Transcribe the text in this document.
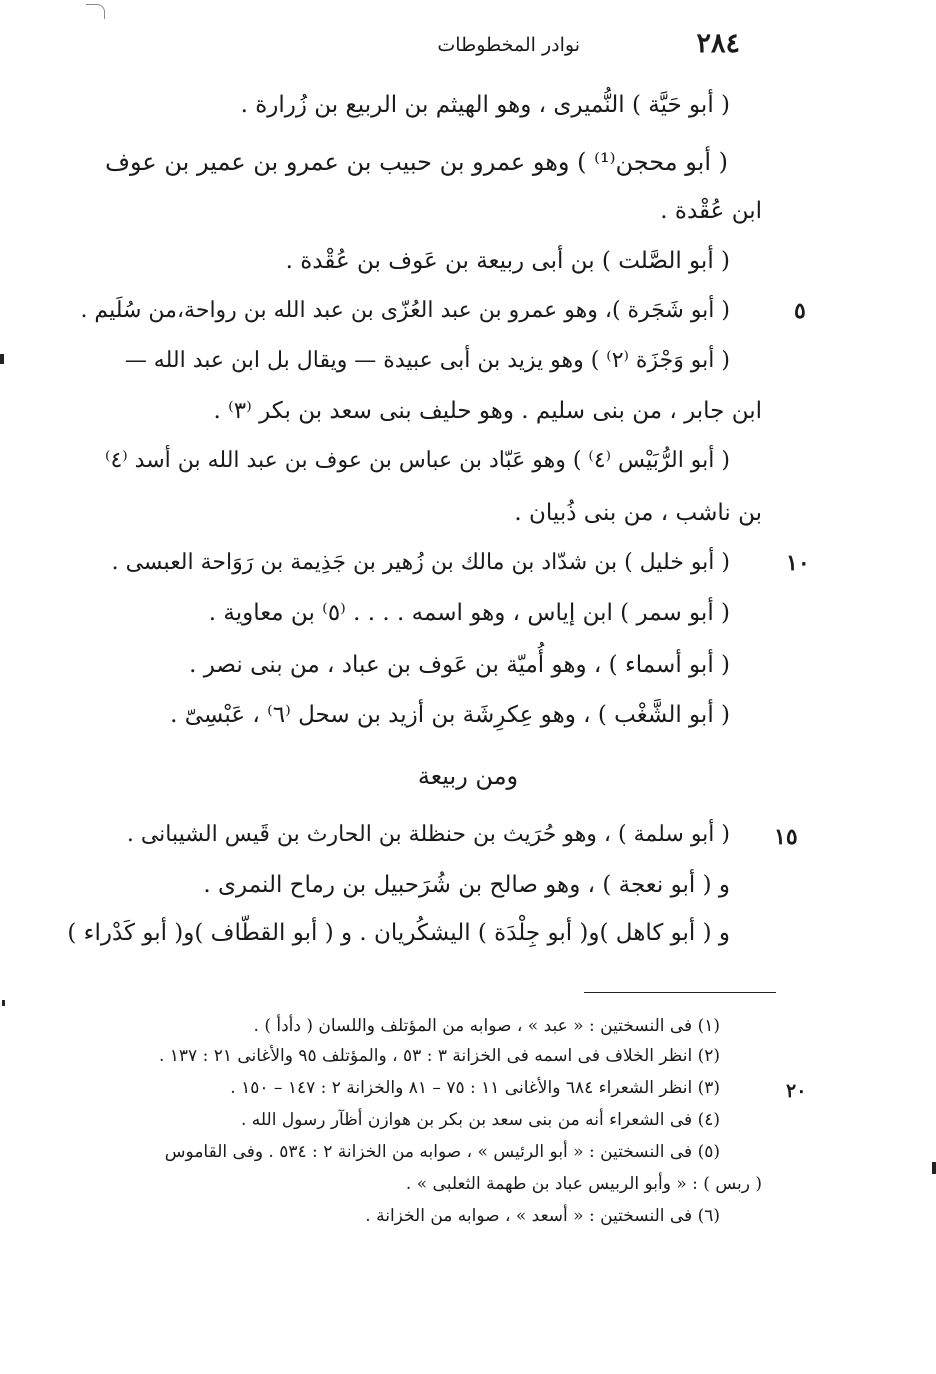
نوادر المخطوطات	٢٨٤
( أبو حَيَّة ) النُّميرى ، وهو الهيثم بن الربيع بن زُرارة .
( أبو محجن⁽¹⁾ ) وهو عمرو بن حبيب بن عمرو بن عمير بن عوف
ابن عُقْدة .
( أبو الصَّلت ) بن أبى ربيعة بن عَوف بن عُقْدة .
( أبو شَجَرة )، وهو عمرو بن عبد العُزّى بن عبد الله بن رواحة،من سُلَيم .
( أبو وَجْزَة ⁽٢⁾ ) وهو يزيد بن أبى عبيدة — ويقال بل ابن عبد الله —
ابن جابر ، من بنى سليم . وهو حليف بنى سعد بن بكر ⁽٣⁾ .
( أبو الرُّبَيْس ⁽٤⁾ ) وهو عَبّاد بن عباس بن عوف بن عبد الله بن أسد ⁽٤⁾
بن ناشب ، من بنى ذُبيان .
( أبو خليل ) بن شدّاد بن مالك بن زُهير بن جَذِيمة بن رَوَاحة العبسى .
( أبو سمر ) ابن إياس ، وهو اسمه . . . . ⁽٥⁾ بن معاوية .
( أبو أسماء ) ، وهو أُميّة بن عَوف بن عباد ، من بنى نصر .
( أبو الشَّغْب ) ، وهو عِكرِشَة بن أزيد بن سحل ⁽٦⁾ ، عَبْسِىّ .
ومن ربيعة
( أبو سلمة ) ، وهو حُرَيث بن حنظلة بن الحارث بن قَيس الشيبانى .
و ( أبو نعجة ) ، وهو صالح بن شُرَحبيل بن رماح النمرى .
و ( أبو كاهل )و( أبو جِلْدَة ) اليشكُريان . و ( أبو القطّاف )و( أبو كَدْراء )
٥
١٠
١٥
٢٠
(١) فى النسختين : « عبد » ، صوابه من المؤتلف واللسان ( دأدأ ) .
(٢) انظر الخلاف فى اسمه فى الخزانة ٣ : ٥٣ ، والمؤتلف ٩٥ والأغانى ٢١ : ١٣٧ .
(٣) انظر الشعراء ٦٨٤ والأغانى ١١ : ٧٥ – ٨١ والخزانة ٢ : ١٤٧ – ١٥٠ .
(٤) فى الشعراء أنه من بنى سعد بن بكر بن هوازن أظآر رسول الله .
(٥) فى النسختين : « أبو الرئيس » ، صوابه من الخزانة ٢ : ٥٣٤ . وفى القاموس
( ربس ) : « وأبو الربيس عباد بن طهمة الثعلبى » .
(٦) فى النسختين : « أسعد » ، صوابه من الخزانة .
